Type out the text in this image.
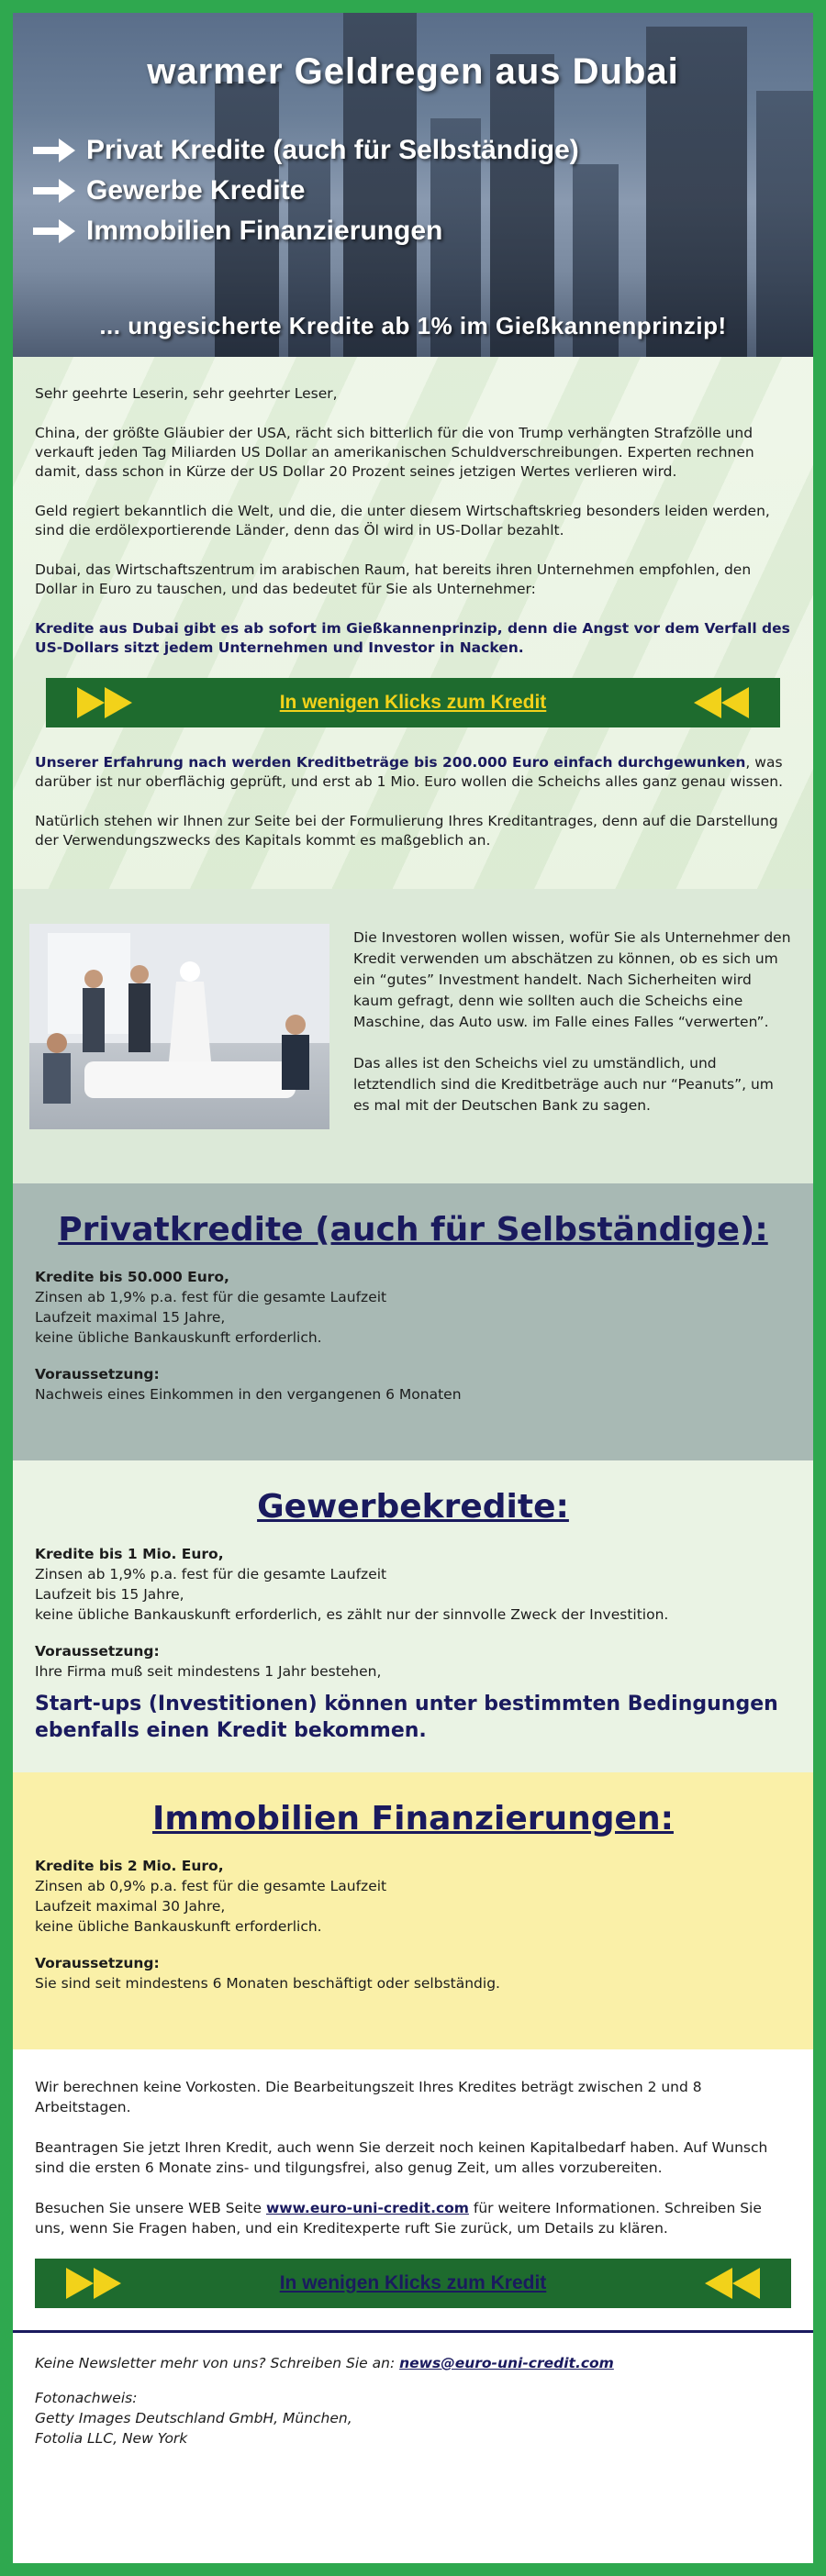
warmer Geldregen aus Dubai
Privat Kredite (auch für Selbständige)
Gewerbe Kredite
Immobilien Finanzierungen
... ungesicherte Kredite ab 1% im Gießkannenprinzip!

Sehr geehrte Leserin, sehr geehrter Leser,

China, der größte Gläubier der USA, rächt sich bitterlich für die von Trump verhängten Strafzölle und verkauft jeden Tag Miliarden US Dollar an amerikanischen Schuldverschreibungen. Experten rechnen damit, dass schon in Kürze der US Dollar 20 Prozent seines jetzigen Wertes verlieren wird.

Geld regiert bekanntlich die Welt, und die, die unter diesem Wirtschaftskrieg besonders leiden werden, sind die erdölexportierende Länder, denn das Öl wird in US-Dollar bezahlt.

Dubai, das Wirtschaftszentrum im arabischen Raum, hat bereits ihren Unternehmen empfohlen, den Dollar in Euro zu tauschen, und das bedeutet für Sie als Unternehmer:

Kredite aus Dubai gibt es ab sofort im Gießkannenprinzip, denn die Angst vor dem Verfall des US-Dollars sitzt jedem Unternehmen und Investor in Nacken.

In wenigen Klicks zum Kredit

Unserer Erfahrung nach werden Kreditbeträge bis 200.000 Euro einfach durchgewunken, was darüber ist nur oberflächig geprüft, und erst ab 1 Mio. Euro wollen die Scheichs alles ganz genau wissen.

Natürlich stehen wir Ihnen zur Seite bei der Formulierung Ihres Kreditantrages, denn auf die Darstellung der Verwendungszwecks des Kapitals kommt es maßgeblich an.

Die Investoren wollen wissen, wofür Sie als Unternehmer den Kredit verwenden um abschätzen zu können, ob es sich um ein “gutes” Investment handelt. Nach Sicherheiten wird kaum gefragt, denn wie sollten auch die Scheichs eine Maschine, das Auto usw. im Falle eines Falles “verwerten”.

Das alles ist den Scheichs viel zu umständlich, und letztendlich sind die Kreditbeträge auch nur “Peanuts”, um es mal mit der Deutschen Bank zu sagen.

Privatkredite (auch für Selbständige):
Kredite bis 50.000 Euro,
Zinsen ab 1,9% p.a. fest für die gesamte Laufzeit
Laufzeit maximal 15 Jahre,
keine übliche Bankauskunft erforderlich.
Voraussetzung:
Nachweis eines Einkommen in den vergangenen 6 Monaten
Gewerbekredite:
Kredite bis 1 Mio. Euro,
Zinsen ab 1,9% p.a. fest für die gesamte Laufzeit
Laufzeit bis 15 Jahre,
keine übliche Bankauskunft erforderlich, es zählt nur der sinnvolle Zweck der Investition.
Voraussetzung:
Ihre Firma muß seit mindestens 1 Jahr bestehen,
Start-ups (Investitionen) können unter bestimmten Bedingungen ebenfalls einen Kredit bekommen.
Immobilien Finanzierungen:
Kredite bis 2 Mio. Euro,
Zinsen ab 0,9% p.a. fest für die gesamte Laufzeit
Laufzeit maximal 30 Jahre,
keine übliche Bankauskunft erforderlich.
Voraussetzung:
Sie sind seit mindestens 6 Monaten beschäftigt oder selbständig.

Wir berechnen keine Vorkosten. Die Bearbeitungszeit Ihres Kredites beträgt zwischen 2 und 8 Arbeitstagen.

Beantragen Sie jetzt Ihren Kredit, auch wenn Sie derzeit noch keinen Kapitalbedarf haben. Auf Wunsch sind die ersten 6 Monate zins- und tilgungsfrei, also genug Zeit, um alles vorzubereiten.

Besuchen Sie unsere WEB Seite www.euro-uni-credit.com für weitere Informationen. Schreiben Sie uns, wenn Sie Fragen haben, und ein Kreditexperte ruft Sie zurück, um Details zu klären.

In wenigen Klicks zum Kredit

Keine Newsletter mehr von uns? Schreiben Sie an: news@euro-uni-credit.com

Fotonachweis:
Getty Images Deutschland GmbH, München,
Fotolia LLC, New York
